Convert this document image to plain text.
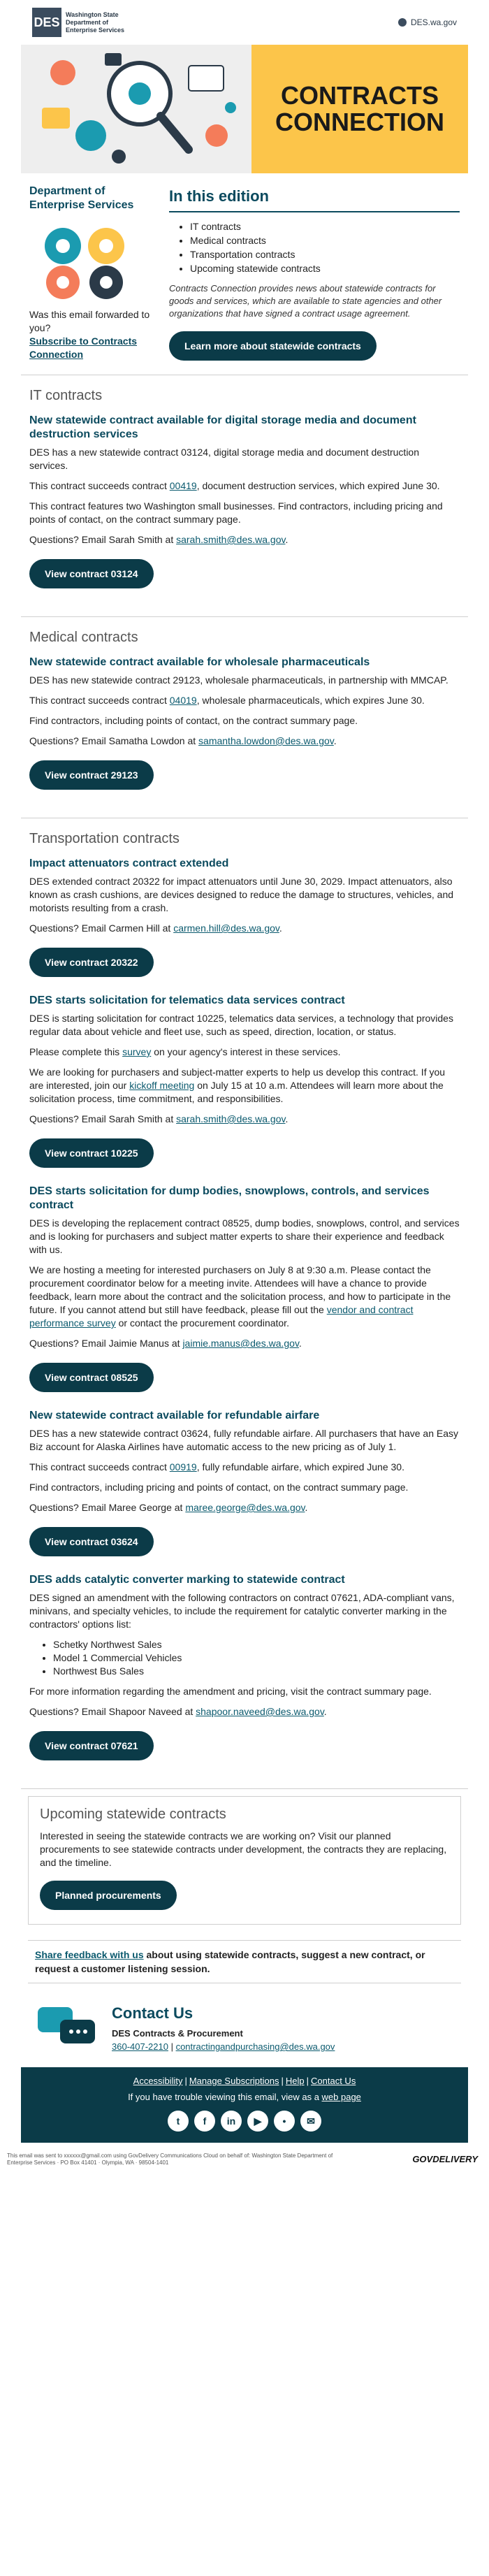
DES
Washington State
Department of
Enterprise Services
DES.wa.gov
CONTRACTS
CONNECTION
Department of Enterprise Services
Was this email forwarded to you?
Subscribe to Contracts Connection
In this edition
• IT contracts
• Medical contracts
• Transportation contracts
• Upcoming statewide contracts

Contracts Connection provides news about statewide contracts for goods and services, which are available to state agencies and other organizations that have signed a contract usage agreement.

Learn more about statewide contracts
IT contracts
New statewide contract available for digital storage media and document destruction services

DES has a new statewide contract 03124, digital storage media and document destruction services.

This contract succeeds contract 00419, document destruction services, which expired June 30.

This contract features two Washington small businesses. Find contractors, including pricing and points of contact, on the contract summary page.

Questions? Email Sarah Smith at sarah.smith@des.wa.gov.

View contract 03124
Medical contracts
New statewide contract available for wholesale pharmaceuticals

DES has new statewide contract 29123, wholesale pharmaceuticals, in partnership with MMCAP.

This contract succeeds contract 04019, wholesale pharmaceuticals, which expires June 30.

Find contractors, including points of contact, on the contract summary page.

Questions? Email Samatha Lowdon at samantha.lowdon@des.wa.gov.

View contract 29123
Transportation contracts
Impact attenuators contract extended

DES extended contract 20322 for impact attenuators until June 30, 2029. Impact attenuators, also known as crash cushions, are devices designed to reduce the damage to structures, vehicles, and motorists resulting from a crash.

Questions? Email Carmen Hill at carmen.hill@des.wa.gov.

View contract 20322
DES starts solicitation for telematics data services contract

DES is starting solicitation for contract 10225, telematics data services, a technology that provides regular data about vehicle and fleet use, such as speed, direction, location, or status.

Please complete this survey on your agency's interest in these services.

We are looking for purchasers and subject-matter experts to help us develop this contract. If you are interested, join our kickoff meeting on July 15 at 10 a.m. Attendees will learn more about the solicitation process, time commitment, and responsibilities.

Questions? Email Sarah Smith at sarah.smith@des.wa.gov.

View contract 10225
DES starts solicitation for dump bodies, snowplows, controls, and services contract

DES is developing the replacement contract 08525, dump bodies, snowplows, control, and services and is looking for purchasers and subject matter experts to share their experience and feedback with us.

We are hosting a meeting for interested purchasers on July 8 at 9:30 a.m. Please contact the procurement coordinator below for a meeting invite. Attendees will have a chance to provide feedback, learn more about the contract and the solicitation process, and how to participate in the future. If you cannot attend but still have feedback, please fill out the vendor and contract performance survey or contact the procurement coordinator.

Questions? Email Jaimie Manus at jaimie.manus@des.wa.gov.

View contract 08525
New statewide contract available for refundable airfare

DES has a new statewide contract 03624, fully refundable airfare. All purchasers that have an Easy Biz account for Alaska Airlines have automatic access to the new pricing as of July 1.

This contract succeeds contract 00919, fully refundable airfare, which expired June 30.

Find contractors, including pricing and points of contact, on the contract summary page.

Questions? Email Maree George at maree.george@des.wa.gov.

View contract 03624
DES adds catalytic converter marking to statewide contract

DES signed an amendment with the following contractors on contract 07621, ADA-compliant vans, minivans, and specialty vehicles, to include the requirement for catalytic converter marking in the contractors' options list:

• Schetky Northwest Sales
• Model 1 Commercial Vehicles
• Northwest Bus Sales

For more information regarding the amendment and pricing, visit the contract summary page.

Questions? Email Shapoor Naveed at shapoor.naveed@des.wa.gov.

View contract 07621
Upcoming statewide contracts

Interested in seeing the statewide contracts we are working on? Visit our planned procurements to see statewide contracts under development, the contracts they are replacing, and the timeline.

Planned procurements

Share feedback with us about using statewide contracts, suggest a new contract, or request a customer listening session.

Contact Us

DES Contracts & Procurement

360-407-2210 | contractingandpurchasing@des.wa.gov

Accessibility | Manage Subscriptions | Help | Contact Us
If you have trouble viewing this email, view as a web page
t	f	in	▶	•	✉
This email was sent to xxxxxx@gmail.com using GovDelivery Communications Cloud on behalf of: Washington State Department of
Enterprise Services · PO Box 41401 · Olympia, WA · 98504-1401	GOVDELIVERY
